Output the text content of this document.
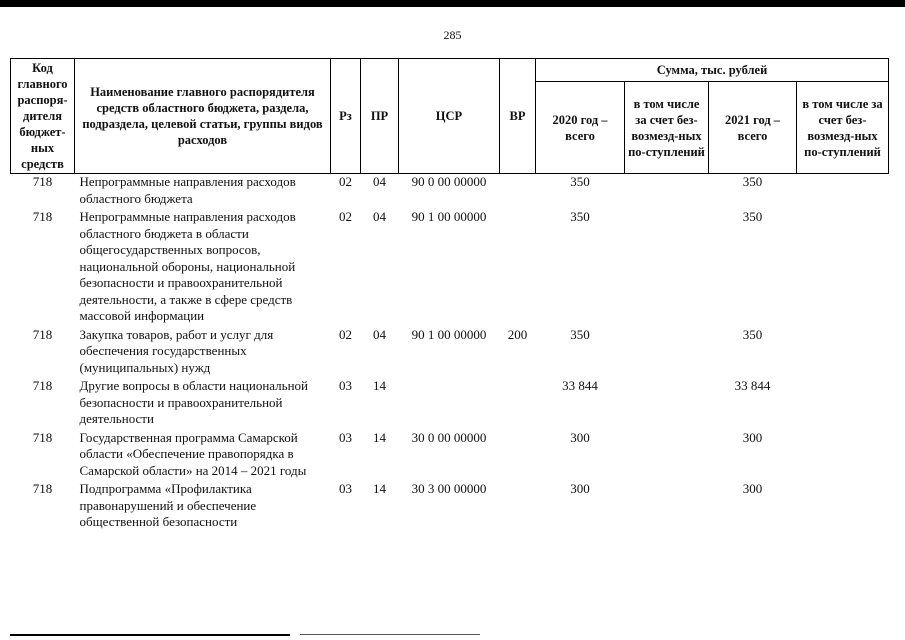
285
Код главного распоря-дителя бюджет-ных средств	Наименование главного распорядителя средств областного бюджета, раздела, подраздела, целевой статьи, группы видов расходов	Рз	ПР	ЦСР	ВР	Сумма, тыс. рублей			
						2020 год – всего	в том числе за счет без-возмезд-ных по-ступлений	2021 год – всего	в том числе за счет без-возмезд-ных по-ступлений
718	Непрограммные направления расходов областного бюджета	02	04	90 0 00 00000		350		350	
718	Непрограммные направления расходов областного бюджета в области общегосударственных вопросов, национальной обороны, национальной безопасности и правоохранительной деятельности, а также в сфере средств массовой информации	02	04	90 1 00 00000		350		350	
718	Закупка товаров, работ и услуг для обеспечения государственных (муниципальных) нужд	02	04	90 1 00 00000	200	350		350	
718	Другие вопросы в области национальной безопасности и правоохранительной деятельности	03	14			33 844		33 844	
718	Государственная программа Самарской области «Обеспечение правопорядка в Самарской области» на 2014 – 2021 годы	03	14	30 0 00 00000		300		300	
718	Подпрограмма «Профилактика правонарушений и обеспечение общественной безопасности	03	14	30 3 00 00000		300		300	
